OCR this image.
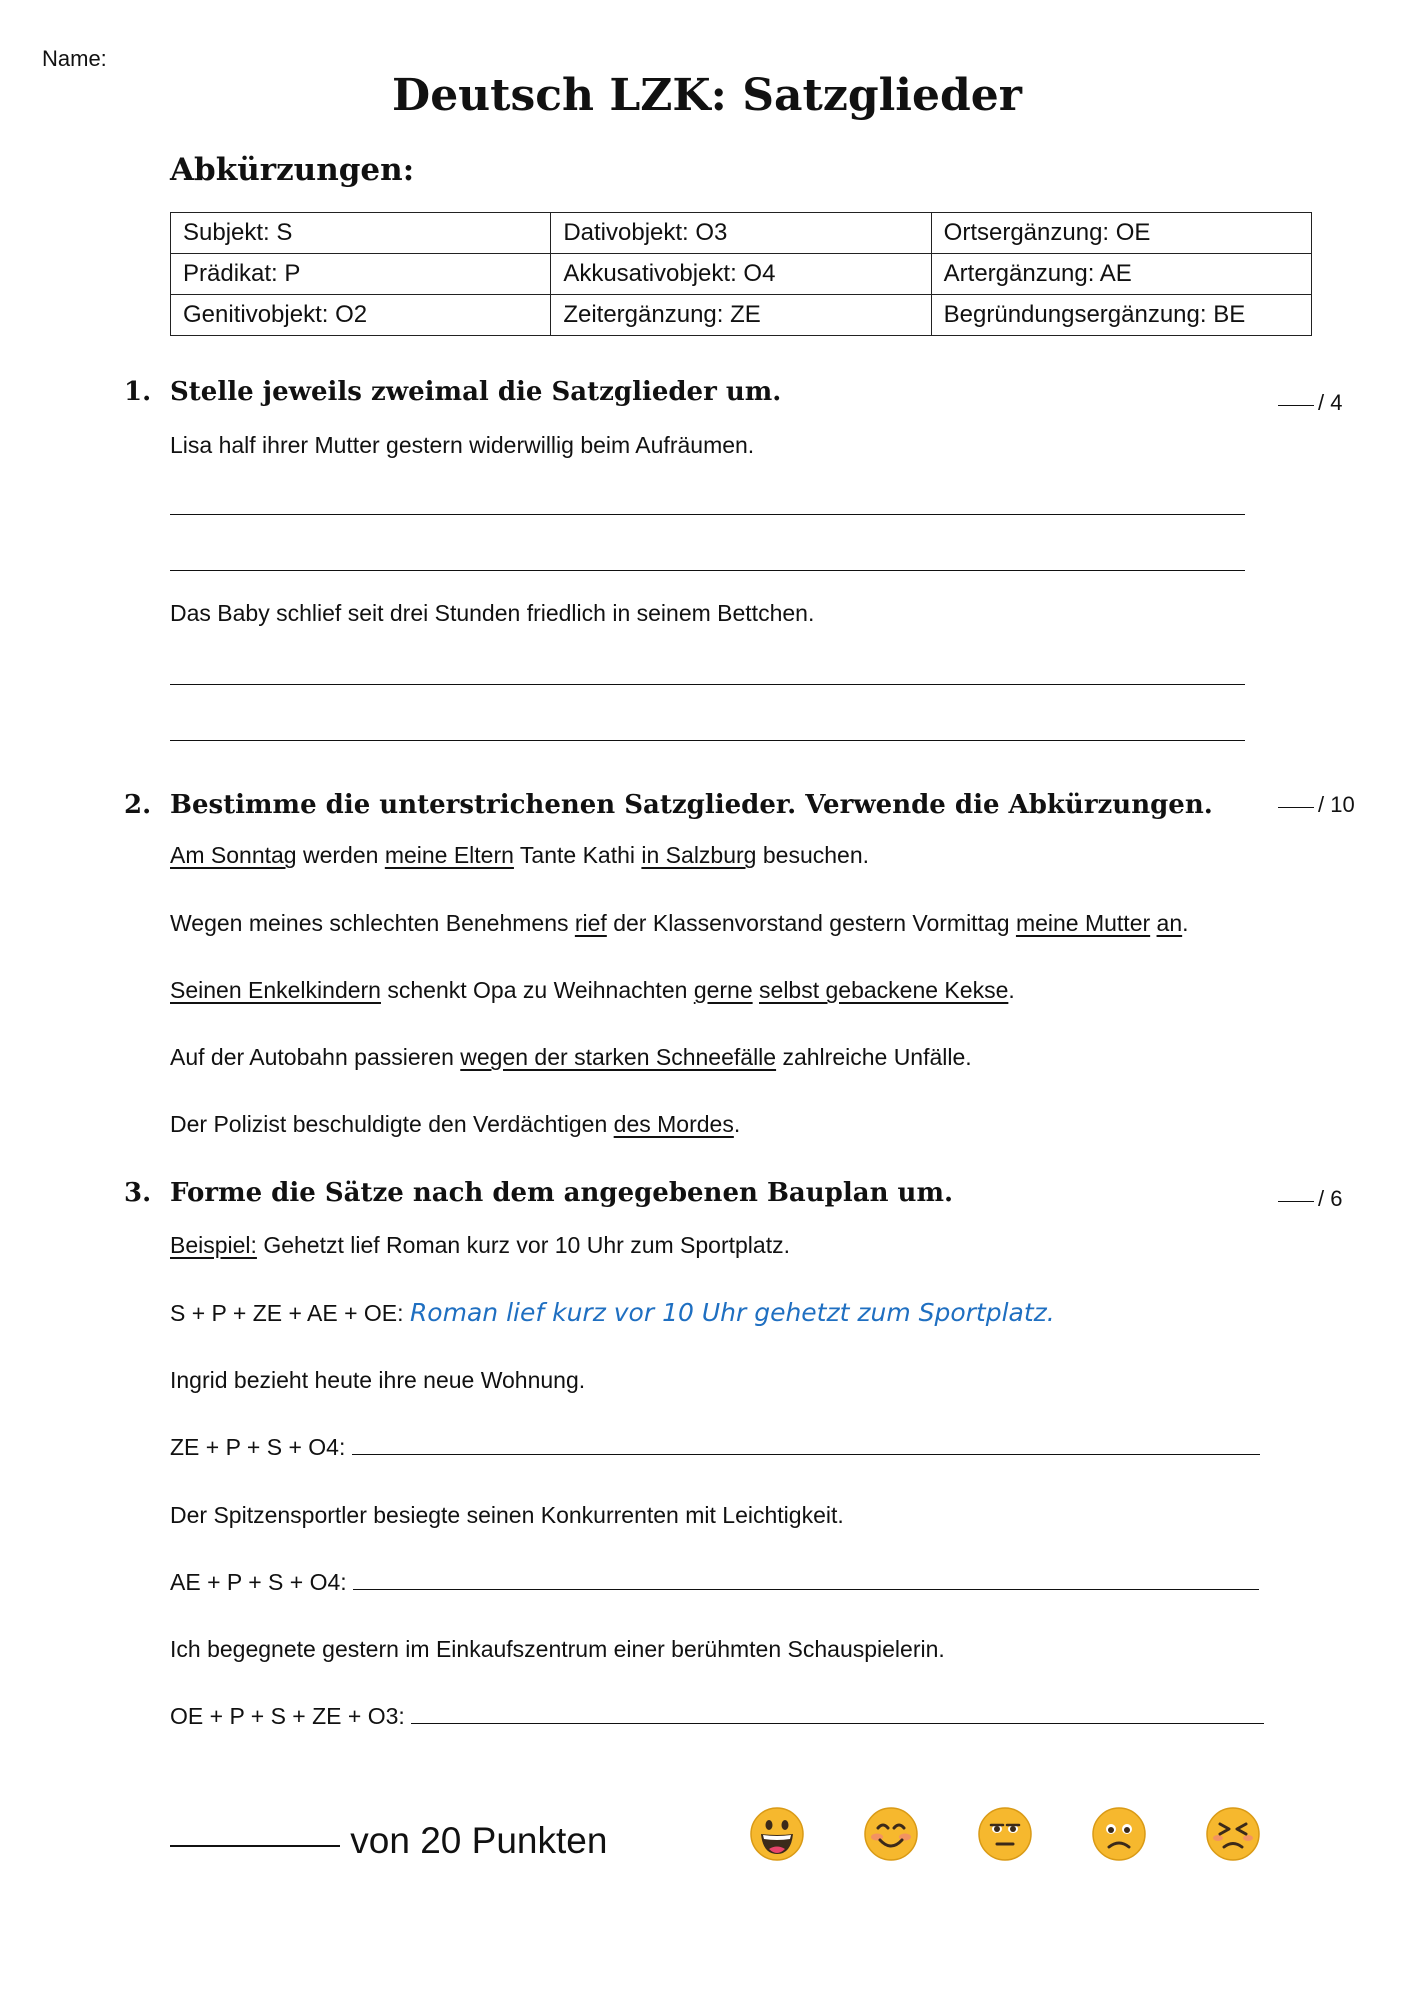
Name:
Deutsch LZK: Satzglieder
Abkürzungen:
Subjekt: S	Dativobjekt: O3	Ortsergänzung: OE
Prädikat: P	Akkusativobjekt: O4	Artergänzung: AE
Genitivobjekt: O2	Zeitergänzung: ZE	Begründungsergänzung: BE
1. Stelle jeweils zweimal die Satzglieder um.	/ 4
Lisa half ihrer Mutter gestern widerwillig beim Aufräumen.
Das Baby schlief seit drei Stunden friedlich in seinem Bettchen.
2. Bestimme die unterstrichenen Satzglieder. Verwende die Abkürzungen.	/ 10
Am Sonntag werden meine Eltern Tante Kathi in Salzburg besuchen.
Wegen meines schlechten Benehmens rief der Klassenvorstand gestern Vormittag meine Mutter an.
Seinen Enkelkindern schenkt Opa zu Weihnachten gerne selbst gebackene Kekse.
Auf der Autobahn passieren wegen der starken Schneefälle zahlreiche Unfälle.
Der Polizist beschuldigte den Verdächtigen des Mordes.
3. Forme die Sätze nach dem angegebenen Bauplan um.	/ 6
Beispiel: Gehetzt lief Roman kurz vor 10 Uhr zum Sportplatz.
S + P + ZE + AE + OE: Roman lief kurz vor 10 Uhr gehetzt zum Sportplatz.
Ingrid bezieht heute ihre neue Wohnung.
ZE + P + S + O4:
Der Spitzensportler besiegte seinen Konkurrenten mit Leichtigkeit.
AE + P + S + O4:
Ich begegnete gestern im Einkaufszentrum einer berühmten Schauspielerin.
OE + P + S + ZE + O3:
von 20 Punkten
